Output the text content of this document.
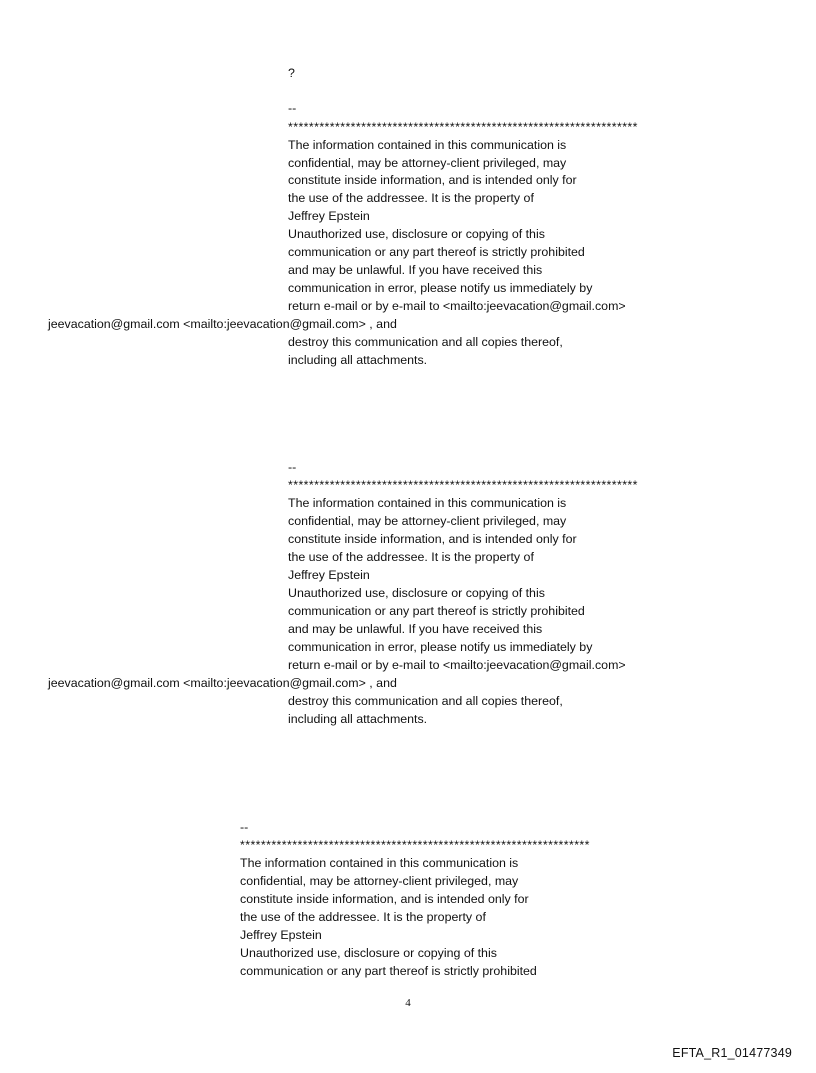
?
--
*******************************************************************
The information contained in this communication is
confidential, may be attorney-client privileged, may
constitute inside information, and is intended only for
the use of the addressee. It is the property of
Jeffrey Epstein
Unauthorized use, disclosure or copying of this
communication or any part thereof is strictly prohibited
and may be unlawful. If you have received this
communication in error, please notify us immediately by
return e-mail or by e-mail to <mailto:jeevacation@gmail.com>
jeevacation@gmail.com <mailto:jeevacation@gmail.com> , and
destroy this communication and all copies thereof,
including all attachments.
--
*******************************************************************
The information contained in this communication is
confidential, may be attorney-client privileged, may
constitute inside information, and is intended only for
the use of the addressee. It is the property of
Jeffrey Epstein
Unauthorized use, disclosure or copying of this
communication or any part thereof is strictly prohibited
and may be unlawful. If you have received this
communication in error, please notify us immediately by
return e-mail or by e-mail to <mailto:jeevacation@gmail.com>
jeevacation@gmail.com <mailto:jeevacation@gmail.com> , and
destroy this communication and all copies thereof,
including all attachments.
--
*******************************************************************
The information contained in this communication is
confidential, may be attorney-client privileged, may
constitute inside information, and is intended only for
the use of the addressee. It is the property of
Jeffrey Epstein
Unauthorized use, disclosure or copying of this
communication or any part thereof is strictly prohibited
4
EFTA_R1_01477349
